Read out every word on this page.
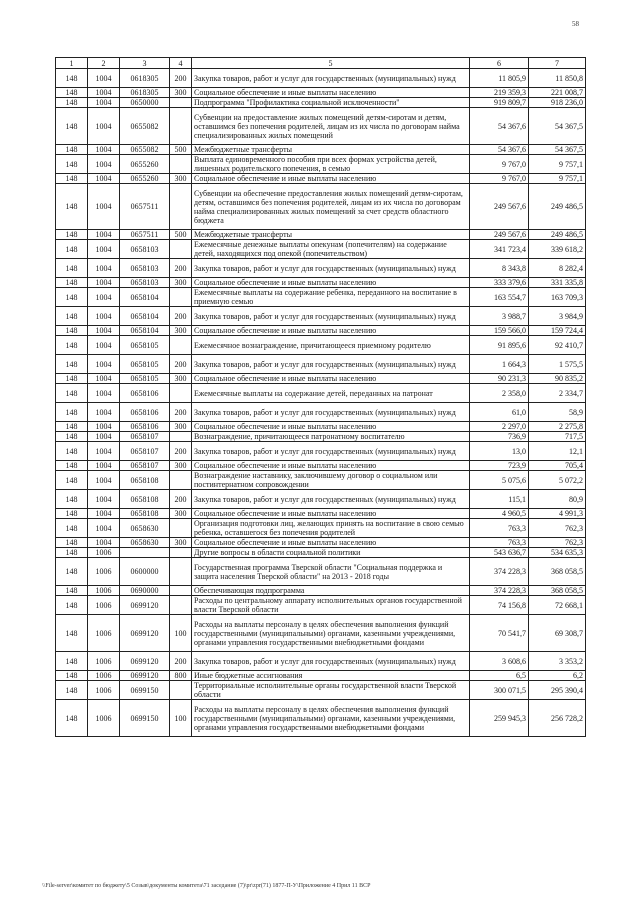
58
1	2	3	4	5	6	7
148	1004	0618305	200	Закупка товаров, работ и услуг для государственных (муниципальных) нужд	11 805,9	11 850,8
148	1004	0618305	300	Социальное обеспечение и иные выплаты населению	219 359,3	221 008,7
148	1004	0650000		Подпрограмма "Профилактика социальной исключенности"	919 809,7	918 236,0
148	1004	0655082		Субвенции на предоставление жилых помещений детям-сиротам и детям, оставшимся без попечения родителей, лицам из их числа по договорам найма специализированных жилых помещений	54 367,6	54 367,5
148	1004	0655082	500	Межбюджетные трансферты	54 367,6	54 367,5
148	1004	0655260		Выплата единовременного пособия при всех формах устройства детей, лишенных родительского попечения, в семью	9 767,0	9 757,1
148	1004	0655260	300	Социальное обеспечение и иные выплаты населению	9 767,0	9 757,1
148	1004	0657511		Субвенции на обеспечение предоставления жилых помещений детям-сиротам, детям, оставшимся без попечения родителей, лицам из их числа по договорам найма специализированных жилых помещений за счет средств областного бюджета	249 567,6	249 486,5
148	1004	0657511	500	Межбюджетные трансферты	249 567,6	249 486,5
148	1004	0658103		Ежемесячные денежные выплаты опекунам (попечителям) на содержание детей, находящихся под опекой (попечительством)	341 723,4	339 618,2
148	1004	0658103	200	Закупка товаров, работ и услуг для государственных (муниципальных) нужд	8 343,8	8 282,4
148	1004	0658103	300	Социальное обеспечение и иные выплаты населению	333 379,6	331 335,8
148	1004	0658104		Ежемесячные выплаты на содержание ребенка, переданного на воспитание в приемную семью	163 554,7	163 709,3
148	1004	0658104	200	Закупка товаров, работ и услуг для государственных (муниципальных) нужд	3 988,7	3 984,9
148	1004	0658104	300	Социальное обеспечение и иные выплаты населению	159 566,0	159 724,4
148	1004	0658105		Ежемесячное вознаграждение, причитающееся приемному родителю	91 895,6	92 410,7
148	1004	0658105	200	Закупка товаров, работ и услуг для государственных (муниципальных) нужд	1 664,3	1 575,5
148	1004	0658105	300	Социальное обеспечение и иные выплаты населению	90 231,3	90 835,2
148	1004	0658106		Ежемесячные выплаты на содержание детей, переданных на патронат	2 358,0	2 334,7
148	1004	0658106	200	Закупка товаров, работ и услуг для государственных (муниципальных) нужд	61,0	58,9
148	1004	0658106	300	Социальное обеспечение и иные выплаты населению	2 297,0	2 275,8
148	1004	0658107		Вознаграждение, причитающееся патронатному воспитателю	736,9	717,5
148	1004	0658107	200	Закупка товаров, работ и услуг для государственных (муниципальных) нужд	13,0	12,1
148	1004	0658107	300	Социальное обеспечение и иные выплаты населению	723,9	705,4
148	1004	0658108		Вознаграждение наставнику, заключившему договор о социальном или постинтернатном сопровождении	5 075,6	5 072,2
148	1004	0658108	200	Закупка товаров, работ и услуг для государственных (муниципальных) нужд	115,1	80,9
148	1004	0658108	300	Социальное обеспечение и иные выплаты населению	4 960,5	4 991,3
148	1004	0658630		Организация подготовки лиц, желающих принять на воспитание в свою семью ребенка, оставшегося без попечения родителей	763,3	762,3
148	1004	0658630	300	Социальное обеспечение и иные выплаты населению	763,3	762,3
148	1006			Другие вопросы в области социальной политики	543 636,7	534 635,3
148	1006	0600000		Государственная программа Тверской области "Социальная поддержка и защита населения Тверской области" на 2013 - 2018 годы	374 228,3	368 058,5
148	1006	0690000		Обеспечивающая подпрограмма	374 228,3	368 058,5
148	1006	0699120		Расходы по центральному аппарату исполнительных органов государственной власти Тверской области	74 156,8	72 668,1
148	1006	0699120	100	Расходы на выплаты персоналу в целях обеспечения выполнения функций государственными (муниципальными) органами, казенными учреждениями, органами управления государственными внебюджетными фондами	70 541,7	69 308,7
148	1006	0699120	200	Закупка товаров, работ и услуг для государственных (муниципальных) нужд	3 608,6	3 353,2
148	1006	0699120	800	Иные бюджетные ассигнования	6,5	6,2
148	1006	0699150		Территориальные исполнительные органы государственной власти Тверской области	300 071,5	295 390,4
148	1006	0699150	100	Расходы на выплаты персоналу в целях обеспечения выполнения функций государственными (муниципальными) органами, казенными учреждениями, органами управления государственными внебюджетными фондами	259 945,3	256 728,2
\\File-server\комитет по бюджету\5 Созыв\документы комитета\71 заседание (7)\pr\zpr(71) 1877-П-У\Приложение 4 Прил 11 ВСР
